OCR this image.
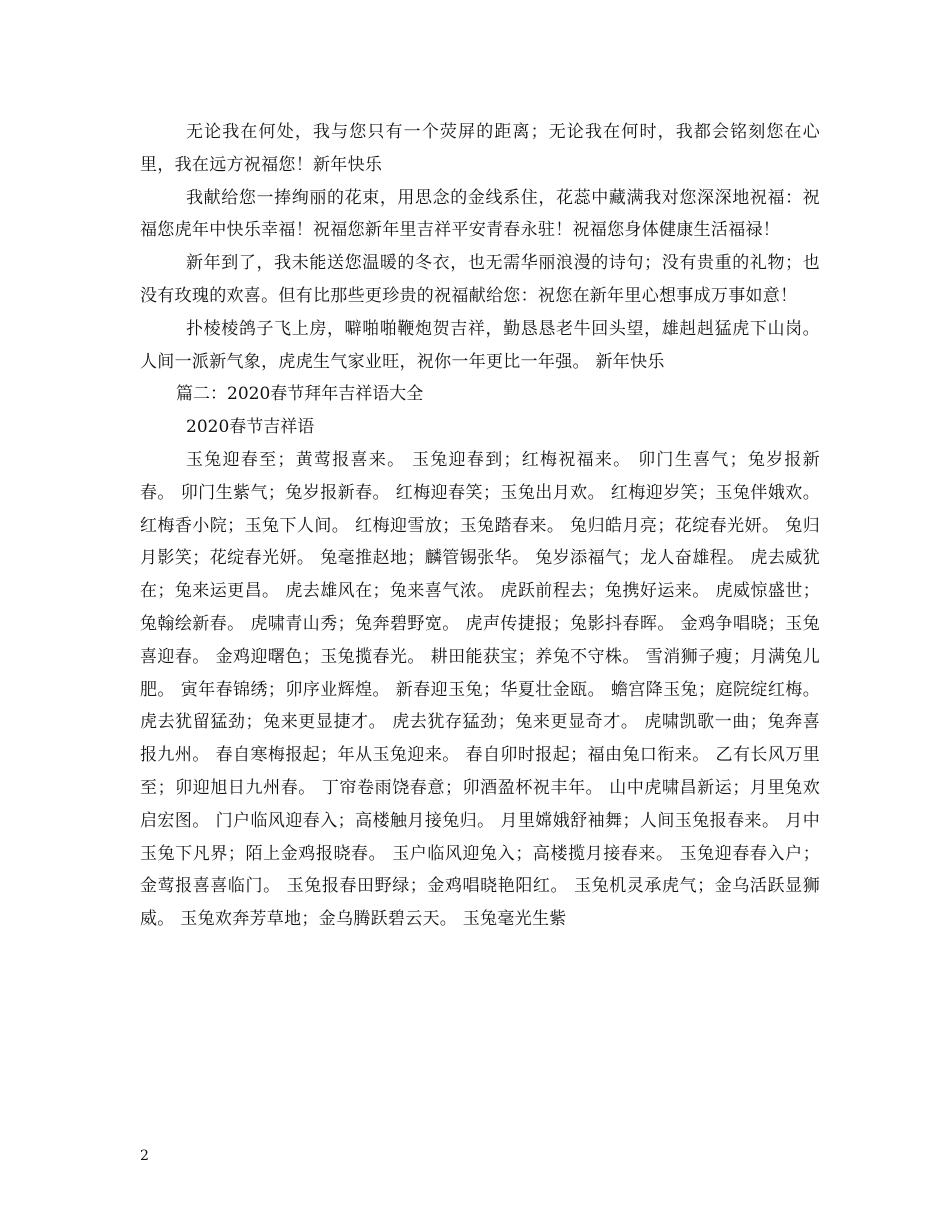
无论我在何处，我与您只有一个荧屏的距离；无论我在何时，我都会铭刻您在心里，我在远方祝福您！新年快乐

我献给您一捧绚丽的花束，用思念的金线系住，花蕊中藏满我对您深深地祝福：祝福您虎年中快乐幸福！祝福您新年里吉祥平安青春永驻！祝福您身体健康生活福禄！

新年到了，我未能送您温暖的冬衣，也无需华丽浪漫的诗句；没有贵重的礼物；也没有玫瑰的欢喜。但有比那些更珍贵的祝福献给您：祝您在新年里心想事成万事如意！

扑棱棱鸽子飞上房，噼啪啪鞭炮贺吉祥，勤恳恳老牛回头望，雄赳赳猛虎下山岗。人间一派新气象，虎虎生气家业旺，祝你一年更比一年强。 新年快乐

篇二：2020春节拜年吉祥语大全

2020春节吉祥语

玉兔迎春至；黄莺报喜来。 玉兔迎春到；红梅祝福来。 卯门生喜气；兔岁报新春。 卯门生紫气；兔岁报新春。 红梅迎春笑；玉兔出月欢。 红梅迎岁笑；玉兔伴娥欢。 红梅香小院；玉兔下人间。 红梅迎雪放；玉兔踏春来。 兔归皓月亮；花绽春光妍。 兔归月影笑；花绽春光妍。 兔毫推赵地；麟管锡张华。 兔岁添福气；龙人奋雄程。 虎去威犹在；兔来运更昌。 虎去雄风在；兔来喜气浓。 虎跃前程去；兔携好运来。 虎威惊盛世；兔翰绘新春。 虎啸青山秀；兔奔碧野宽。 虎声传捷报；兔影抖春晖。 金鸡争唱晓；玉兔喜迎春。 金鸡迎曙色；玉兔揽春光。 耕田能获宝；养兔不守株。 雪消狮子瘦；月满兔儿肥。 寅年春锦绣；卯序业辉煌。 新春迎玉兔；华夏壮金瓯。 蟾宫降玉兔；庭院绽红梅。 虎去犹留猛劲；兔来更显捷才。 虎去犹存猛劲；兔来更显奇才。 虎啸凯歌一曲；兔奔喜报九州。 春自寒梅报起；年从玉兔迎来。 春自卯时报起；福由兔口衔来。 乙有长风万里至；卯迎旭日九州春。 丁帘卷雨饶春意；卯酒盈杯祝丰年。 山中虎啸昌新运；月里兔欢启宏图。 门户临风迎春入；高楼触月接兔归。 月里嫦娥舒袖舞；人间玉兔报春来。 月中玉兔下凡界；陌上金鸡报晓春。 玉户临风迎兔入；高楼揽月接春来。 玉兔迎春春入户；金莺报喜喜临门。 玉兔报春田野绿；金鸡唱晓艳阳红。 玉兔机灵承虎气；金乌活跃显狮威。 玉兔欢奔芳草地；金乌腾跃碧云天。 玉兔毫光生紫

2
